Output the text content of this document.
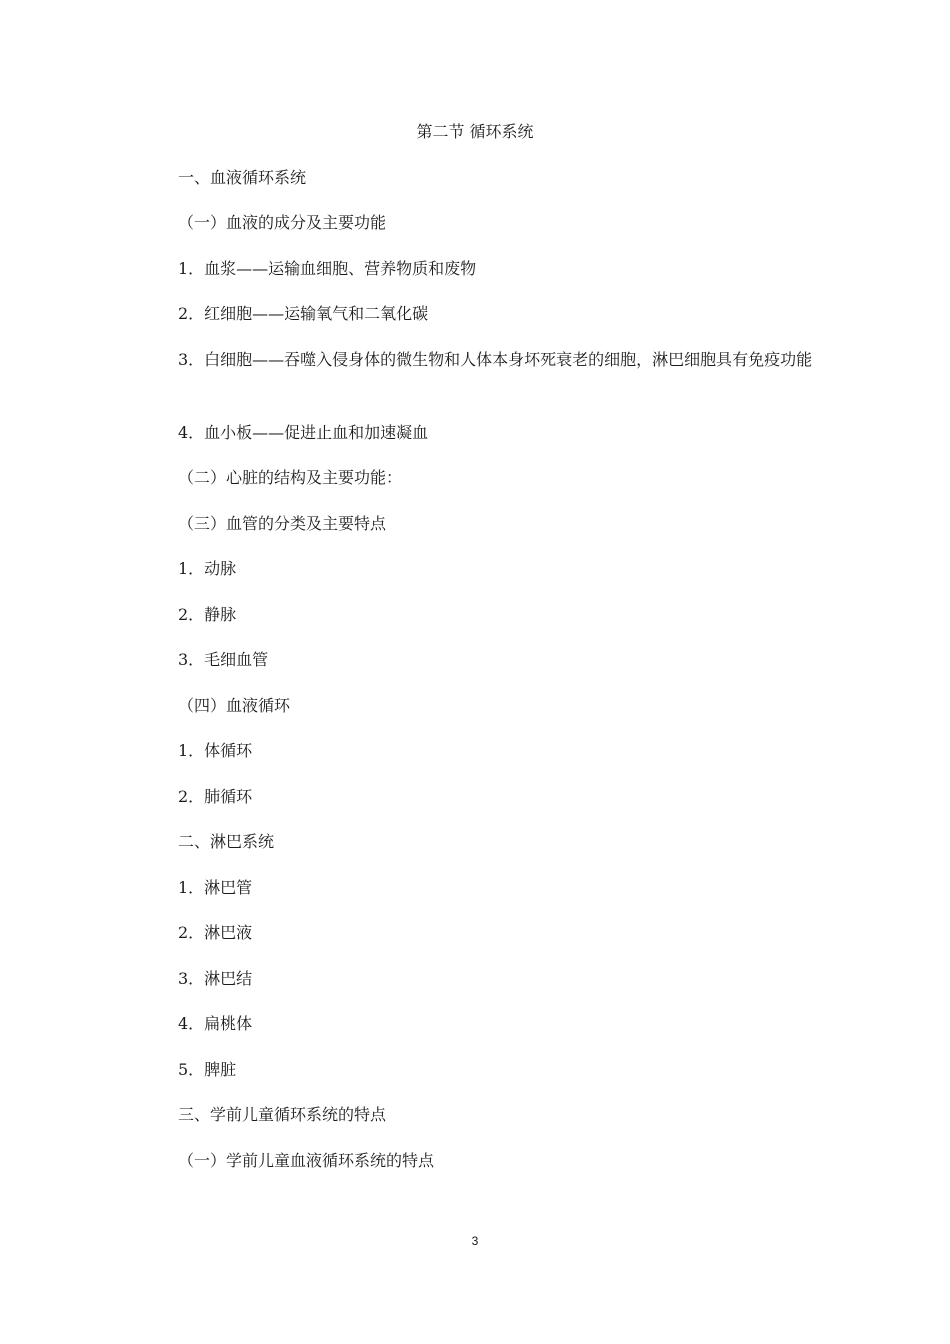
第二节 循环系统
一、血液循环系统
（一）血液的成分及主要功能
1．血浆——运输血细胞、营养物质和废物
2．红细胞——运输氧气和二氧化碳
3．白细胞——吞噬入侵身体的微生物和人体本身坏死衰老的细胞，淋巴细胞具有免疫功能
4．血小板——促进止血和加速凝血
（二）心脏的结构及主要功能：
（三）血管的分类及主要特点
1．动脉
2．静脉
3．毛细血管
（四）血液循环
1．体循环
2．肺循环
二、淋巴系统
1．淋巴管
2．淋巴液
3．淋巴结
4．扁桃体
5．脾脏
三、学前儿童循环系统的特点
（一）学前儿童血液循环系统的特点
3
